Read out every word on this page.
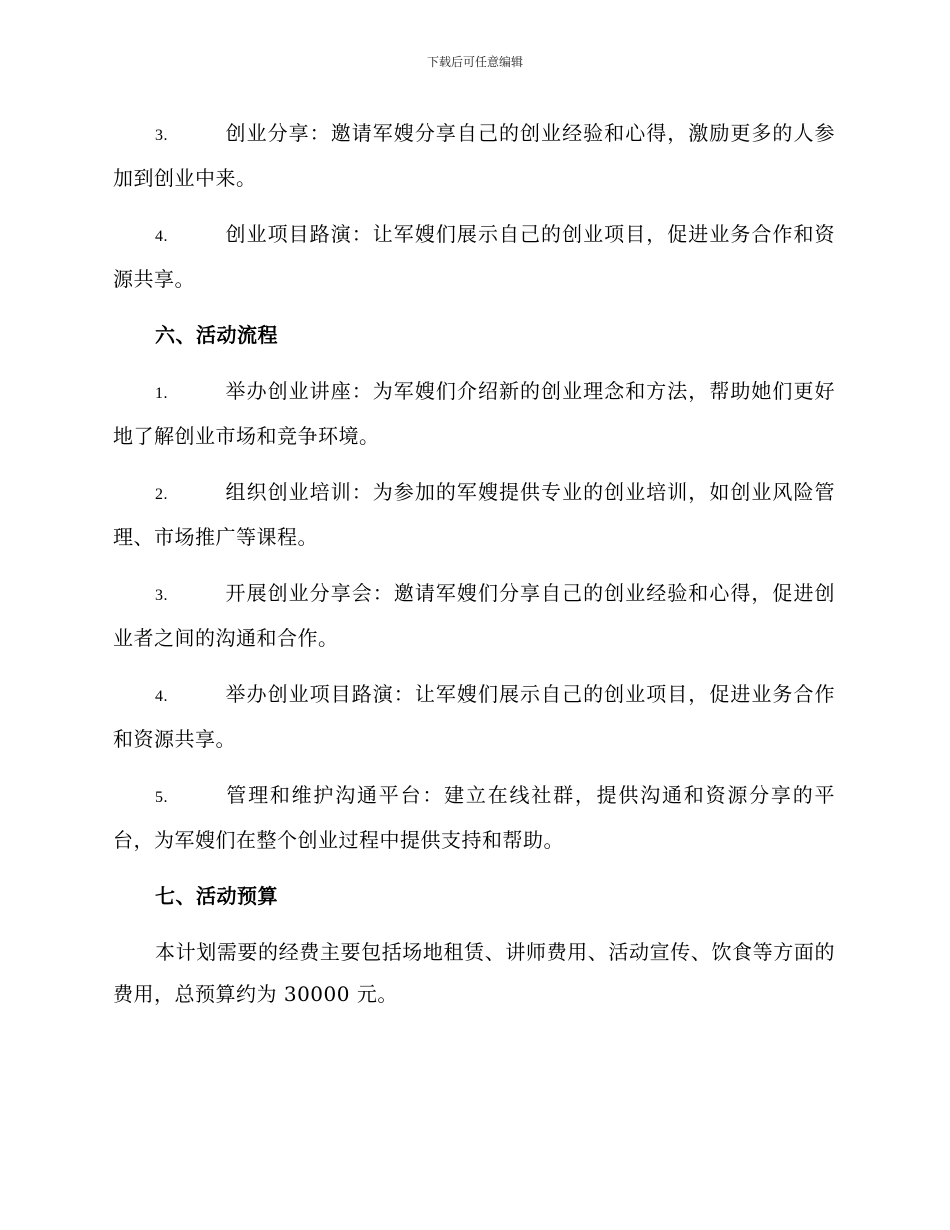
下载后可任意编辑

3.	创业分享：邀请军嫂分享自己的创业经验和心得，激励更多的人参加到创业中来。

4.	创业项目路演：让军嫂们展示自己的创业项目，促进业务合作和资源共享。

六、活动流程

1.	举办创业讲座：为军嫂们介绍新的创业理念和方法，帮助她们更好地了解创业市场和竞争环境。

2.	组织创业培训：为参加的军嫂提供专业的创业培训，如创业风险管理、市场推广等课程。

3.	开展创业分享会：邀请军嫂们分享自己的创业经验和心得，促进创业者之间的沟通和合作。

4.	举办创业项目路演：让军嫂们展示自己的创业项目，促进业务合作和资源共享。

5.	管理和维护沟通平台：建立在线社群，提供沟通和资源分享的平台，为军嫂们在整个创业过程中提供支持和帮助。

七、活动预算

本计划需要的经费主要包括场地租赁、讲师费用、活动宣传、饮食等方面的费用，总预算约为 30000 元。
